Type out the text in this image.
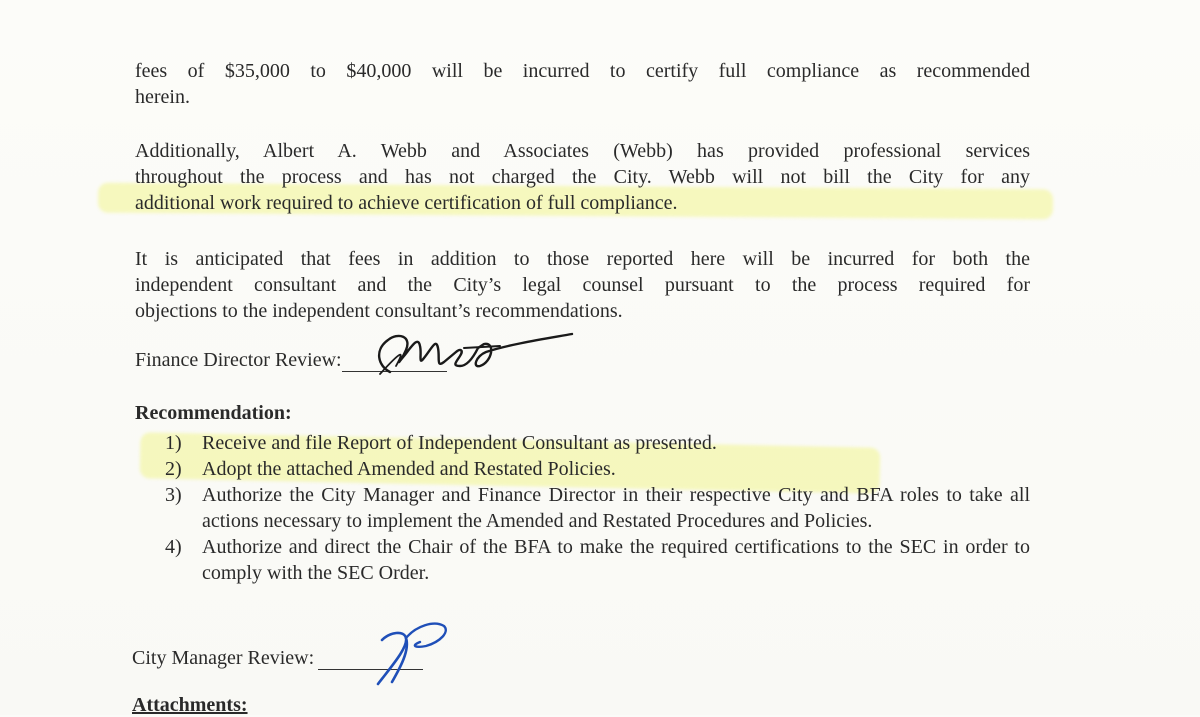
fees of $35,000 to $40,000 will be incurred to certify full compliance as recommended
herein.
Additionally, Albert A. Webb and Associates (Webb) has provided professional services
throughout the process and has not charged the City. Webb will not bill the City for any
additional work required to achieve certification of full compliance.
It is anticipated that fees in addition to those reported here will be incurred for both the
independent consultant and the City’s legal counsel pursuant to the process required for
objections to the independent consultant’s recommendations.
Finance Director Review:
Recommendation:
1)	Receive and file Report of Independent Consultant as presented.
2)	Adopt the attached Amended and Restated Policies.
3)	Authorize the City Manager and Finance Director in their respective City and BFA roles to take all actions necessary to implement the Amended and Restated Procedures and Policies.
4)	Authorize and direct the Chair of the BFA to make the required certifications to the SEC in order to comply with the SEC Order.
City Manager Review:
Attachments:
